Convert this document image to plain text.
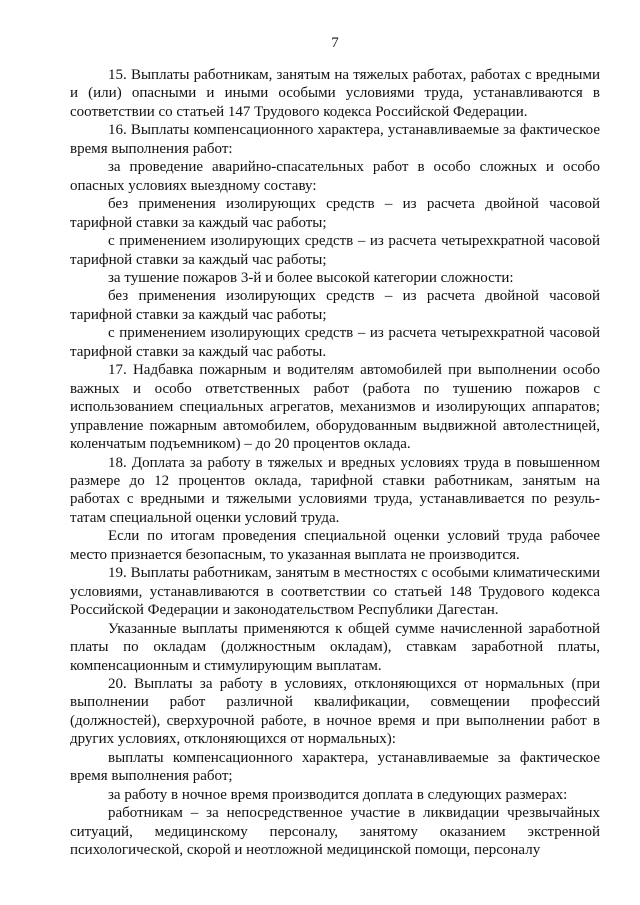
7

15. Выплаты работникам, занятым на тяжелых работах, работах с вредными и (или) опасными и иными особыми условиями труда, устанавливаются в соответствии со статьей 147 Трудового кодекса Российской Федерации.

16. Выплаты компенсационного характера, устанавливаемые за фактическое время выполнения работ:

за проведение аварийно-спасательных работ в особо сложных и особо опасных условиях выездному составу:

без применения изолирующих средств – из расчета двойной часовой тарифной ставки за каждый час работы;

с применением изолирующих средств – из расчета четырехкратной часовой тарифной ставки за каждый час работы;

за тушение пожаров 3-й и более высокой категории сложности:

без применения изолирующих средств – из расчета двойной часовой тарифной ставки за каждый час работы;

с применением изолирующих средств – из расчета четырехкратной часовой тарифной ставки за каждый час работы.

17. Надбавка пожарным и водителям автомобилей при выполнении особо важных и особо ответственных работ (работа по тушению пожаров с использованием специальных агрегатов, механизмов и изолирующих аппаратов; управление пожарным автомобилем, оборудованным выдвижной автолестницей, коленчатым подъемником) – до 20 процентов оклада.

18. Доплата за работу в тяжелых и вредных условиях труда в повышенном размере до 12 процентов оклада, тарифной ставки работникам, занятым на работах с вредными и тяжелыми условиями труда, устанавливается по результатам специальной оценки условий труда.

Если по итогам проведения специальной оценки условий труда рабочее место признается безопасным, то указанная выплата не производится.

19. Выплаты работникам, занятым в местностях с особыми климатическими условиями, устанавливаются в соответствии со статьей 148 Трудового кодекса Российской Федерации и законодательством Республики Дагестан.

Указанные выплаты применяются к общей сумме начисленной заработной платы по окладам (должностным окладам), ставкам заработной платы, компенсационным и стимулирующим выплатам.

20. Выплаты за работу в условиях, отклоняющихся от нормальных (при выполнении работ различной квалификации, совмещении профессий (должностей), сверхурочной работе, в ночное время и при выполнении работ в других условиях, отклоняющихся от нормальных):

выплаты компенсационного характера, устанавливаемые за фактическое время выполнения работ;

за работу в ночное время производится доплата в следующих размерах:

работникам – за непосредственное участие в ликвидации чрезвычайных ситуаций, медицинскому персоналу, занятому оказанием экстренной психологической, скорой и неотложной медицинской помощи, персоналу
